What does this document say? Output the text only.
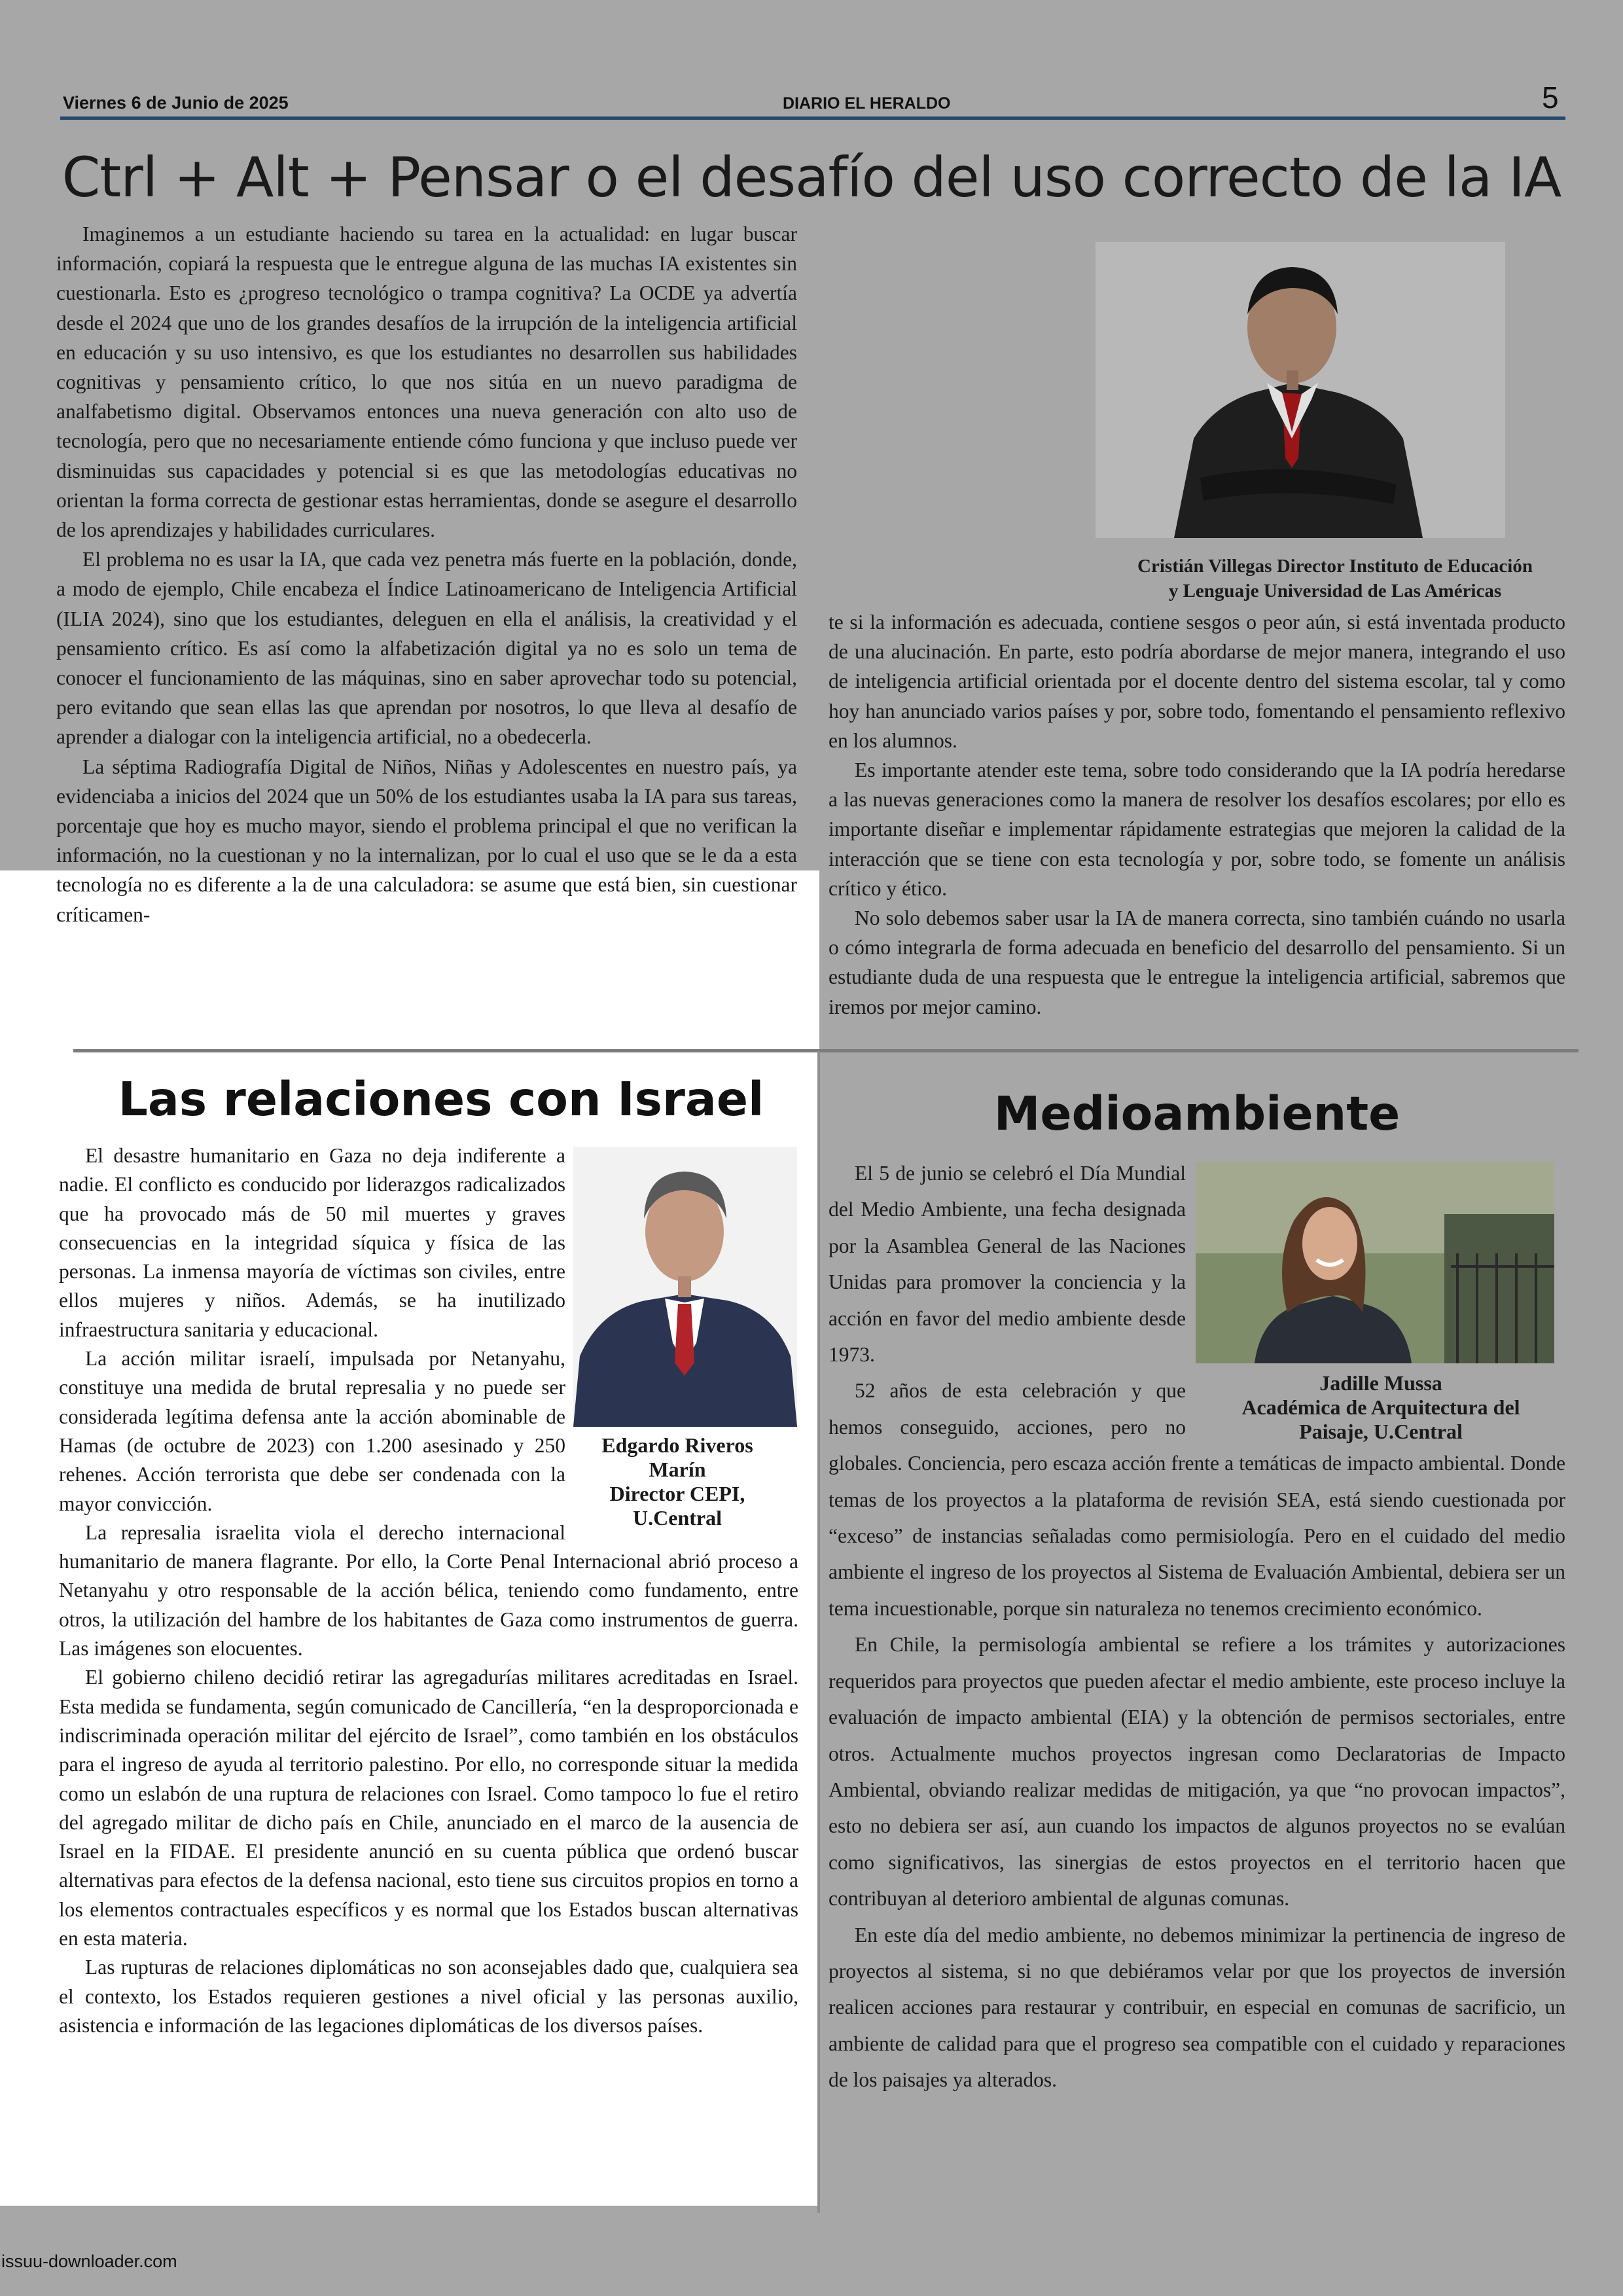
Viernes 6 de Junio de 2025	DIARIO EL HERALDO	5
Ctrl + Alt + Pensar o el desafío del uso correcto de la IA

Imaginemos a un estudiante haciendo su tarea en la actualidad: en lugar buscar información, copiará la respuesta que le entregue alguna de las muchas IA existentes sin cuestionarla. Esto es ¿progreso tecnológico o trampa cognitiva? La OCDE ya advertía desde el 2024 que uno de los grandes desafíos de la irrupción de la inteligencia artificial en educación y su uso intensivo, es que los estudiantes no desarrollen sus habilidades cognitivas y pensamiento crítico, lo que nos sitúa en un nuevo paradigma de analfabetismo digital. Observamos entonces una nueva generación con alto uso de tecnología, pero que no necesariamente entiende cómo funciona y que incluso puede ver disminuidas sus capacidades y potencial si es que las metodologías educativas no orientan la forma correcta de gestionar estas herramientas, donde se asegure el desarrollo de los aprendizajes y habilidades curriculares.

El problema no es usar la IA, que cada vez penetra más fuerte en la población, donde, a modo de ejemplo, Chile encabeza el Índice Latinoamericano de Inteligencia Artificial (ILIA 2024), sino que los estudiantes, deleguen en ella el análisis, la creatividad y el pensamiento crítico. Es así como la alfabetización digital ya no es solo un tema de conocer el funcionamiento de las máquinas, sino en saber aprovechar todo su potencial, pero evitando que sean ellas las que aprendan por nosotros, lo que lleva al desafío de aprender a dialogar con la inteligencia artificial, no a obedecerla.

La séptima Radiografía Digital de Niños, Niñas y Adolescentes en nuestro país, ya evidenciaba a inicios del 2024 que un 50% de los estudiantes usaba la IA para sus tareas, porcentaje que hoy es mucho mayor, siendo el problema principal el que no verifican la información, no la cuestionan y no la internalizan, por lo cual el uso que se le da a esta tecnología no es diferente a la de una calculadora: se asume que está bien, sin cuestionar críticamen-

Cristián Villegas Director Instituto de Educación
y Lenguaje Universidad de Las Américas

te si la información es adecuada, contiene sesgos o peor aún, si está inventada producto de una alucinación. En parte, esto podría abordarse de mejor manera, integrando el uso de inteligencia artificial orientada por el docente dentro del sistema escolar, tal y como hoy han anunciado varios países y por, sobre todo, fomentando el pensamiento reflexivo en los alumnos.

Es importante atender este tema, sobre todo considerando que la IA podría heredarse a las nuevas generaciones como la manera de resolver los desafíos escolares; por ello es importante diseñar e implementar rápidamente estrategias que mejoren la calidad de la interacción que se tiene con esta tecnología y por, sobre todo, se fomente un análisis crítico y ético.

No solo debemos saber usar la IA de manera correcta, sino también cuándo no usarla o cómo integrarla de forma adecuada en beneficio del desarrollo del pensamiento. Si un estudiante duda de una respuesta que le entregue la inteligencia artificial, sabremos que iremos por mejor camino.

Las relaciones con Israel	Medioambiente

El desastre humanitario en Gaza no deja indiferente a nadie. El conflicto es conducido por liderazgos radicalizados que ha provocado más de 50 mil muertes y graves consecuencias en la integridad síquica y física de las personas. La inmensa mayoría de víctimas son civiles, entre ellos mujeres y niños. Además, se ha inutilizado infraestructura sanitaria y educacional.

La acción militar israelí, impulsada por Netanyahu, constituye una medida de brutal represalia y no puede ser considerada legítima defensa ante la acción abominable de Hamas (de octubre de 2023) con 1.200 asesinado y 250 rehenes. Acción terrorista que debe ser condenada con la mayor convicción.

La represalia israelita viola el derecho internacional humanitario de manera flagrante. Por ello, la Corte Penal Internacional abrió proceso a Netanyahu y otro responsable de la acción bélica, teniendo como fundamento, entre otros, la utilización del hambre de los habitantes de Gaza como instrumentos de guerra. Las imágenes son elocuentes.

El gobierno chileno decidió retirar las agregadurías militares acreditadas en Israel. Esta medida se fundamenta, según comunicado de Cancillería, “en la desproporcionada e indiscriminada operación militar del ejército de Israel”, como también en los obstáculos para el ingreso de ayuda al territorio palestino. Por ello, no corresponde situar la medida como un eslabón de una ruptura de relaciones con Israel. Como tampoco lo fue el retiro del agregado militar de dicho país en Chile, anunciado en el marco de la ausencia de Israel en la FIDAE. El presidente anunció en su cuenta pública que ordenó buscar alternativas para efectos de la defensa nacional, esto tiene sus circuitos propios en torno a los elementos contractuales específicos y es normal que los Estados buscan alternativas en esta materia.

Las rupturas de relaciones diplomáticas no son aconsejables dado que, cualquiera sea el contexto, los Estados requieren gestiones a nivel oficial y las personas auxilio, asistencia e información de las legaciones diplomáticas de los diversos países.

Edgardo Riveros
Marín
Director CEPI,
U.Central

El 5 de junio se celebró el Día Mundial del Medio Ambiente, una fecha designada por la Asamblea General de las Naciones Unidas para promover la conciencia y la acción en favor del medio ambiente desde 1973.

52 años de esta celebración y que hemos conseguido, acciones, pero no globales. Conciencia, pero escaza acción frente a temáticas de impacto ambiental. Donde temas de los proyectos a la plataforma de revisión SEA, está siendo cuestionada por “exceso” de instancias señaladas como permisiología. Pero en el cuidado del medio ambiente el ingreso de los proyectos al Sistema de Evaluación Ambiental, debiera ser un tema incuestionable, porque sin naturaleza no tenemos crecimiento económico.

En Chile, la permisología ambiental se refiere a los trámites y autorizaciones requeridos para proyectos que pueden afectar el medio ambiente, este proceso incluye la evaluación de impacto ambiental (EIA) y la obtención de permisos sectoriales, entre otros. Actualmente muchos proyectos ingresan como Declaratorias de Impacto Ambiental, obviando realizar medidas de mitigación, ya que “no provocan impactos”, esto no debiera ser así, aun cuando los impactos de algunos proyectos no se evalúan como significativos, las sinergias de estos proyectos en el territorio hacen que contribuyan al deterioro ambiental de algunas comunas.

En este día del medio ambiente, no debemos minimizar la pertinencia de ingreso de proyectos al sistema, si no que debiéramos velar por que los proyectos de inversión realicen acciones para restaurar y contribuir, en especial en comunas de sacrificio, un ambiente de calidad para que el progreso sea compatible con el cuidado y reparaciones de los paisajes ya alterados.

Jadille Mussa
Académica de Arquitectura del
Paisaje, U.Central
issuu-downloader.com
